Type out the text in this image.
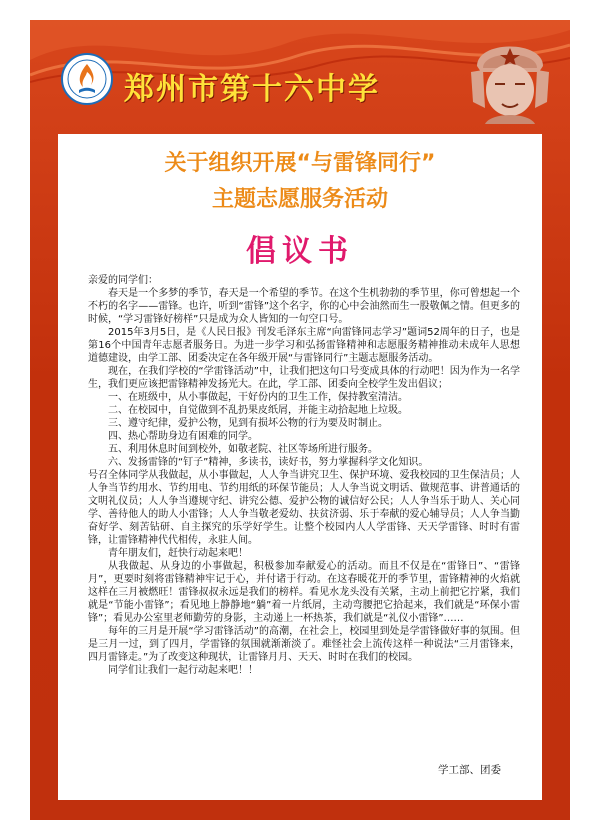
郑州市第十六中学
关于组织开展“与雷锋同行”
主题志愿服务活动
倡议书

亲爱的同学们：

春天是一个多梦的季节，春天是一个希望的季节。在这个生机勃勃的季节里，你可曾想起一个不朽的名字——雷锋。也许，听到“雷锋”这个名字，你的心中会油然而生一股敬佩之情。但更多的时候，“学习雷锋好榜样”只是成为众人皆知的一句空口号。

2015年3月5日，是《人民日报》刊发毛泽东主席“向雷锋同志学习”题词52周年的日子，也是第16个中国青年志愿者服务日。为进一步学习和弘扬雷锋精神和志愿服务精神推动未成年人思想道德建设，由学工部、团委决定在各年级开展“与雷锋同行”主题志愿服务活动。

现在，在我们学校的“学雷锋活动”中，让我们把这句口号变成具体的行动吧！因为作为一名学生，我们更应该把雷锋精神发扬光大。在此，学工部、团委向全校学生发出倡议；

一、在班级中，从小事做起，干好份内的卫生工作，保持教室清洁。

二、在校园中，自觉做到不乱扔果皮纸屑，并能主动拾起地上垃圾。

三、遵守纪律，爱护公物，见到有损坏公物的行为要及时制止。

四、热心帮助身边有困难的同学。

五、利用休息时间到校外，如敬老院、社区等场所进行服务。

六、发扬雷锋的“钉子”精神，多读书，读好书，努力掌握科学文化知识。

号召全体同学从我做起，从小事做起，人人争当讲究卫生、保护环境、爱我校园的卫生保洁员；人人争当节约用水、节约用电、节约用纸的环保节能员；人人争当说文明话、做规范事、讲普通话的文明礼仪员；人人争当遵规守纪、讲究公德、爱护公物的诚信好公民；人人争当乐于助人、关心同学、善待他人的助人小雷锋；人人争当敬老爱幼、扶贫济弱、乐于奉献的爱心辅导员；人人争当勤奋好学、刻苦钻研、自主探究的乐学好学生。让整个校园内人人学雷锋、天天学雷锋、时时有雷锋，让雷锋精神代代相传，永驻人间。

青年朋友们，赶快行动起来吧！

从我做起、从身边的小事做起，积极参加奉献爱心的活动。而且不仅是在“雷锋日”、“雷锋月”，更要时刻将雷锋精神牢记于心，并付诸于行动。在这春暖花开的季节里，雷锋精神的火焰就这样在三月被燃旺！雷锋叔叔永远是我们的榜样。看见水龙头没有关紧，主动上前把它拧紧，我们就是“节能小雷锋”；看见地上静静地“躺”着一片纸屑，主动弯腰把它拾起来，我们就是“环保小雷锋”；看见办公室里老师勤劳的身影，主动递上一杯热茶，我们就是“礼仪小雷锋”……

每年的三月是开展“学习雷锋活动”的高潮，在社会上，校园里到处是学雷锋做好事的氛围。但是三月一过，到了四月，学雷锋的氛围就渐渐淡了。难怪社会上流传这样一种说法“三月雷锋来，四月雷锋走。”为了改变这种现状，让雷锋月月、天天、时时在我们的校园。

同学们让我们一起行动起来吧！！

学工部、团委
